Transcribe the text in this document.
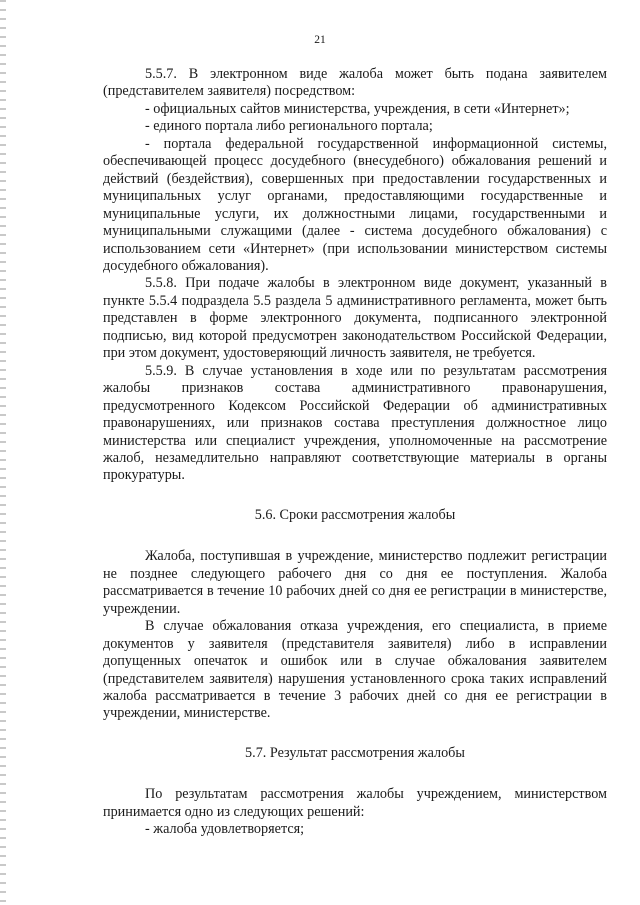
21

5.5.7. В электронном виде жалоба может быть подана заявителем (представителем заявителя) посредством:

- официальных сайтов министерства, учреждения, в сети «Интернет»;

- единого портала либо регионального портала;

- портала федеральной государственной информационной системы, обеспечивающей процесс досудебного (внесудебного) обжалования решений и действий (бездействия), совершенных при предоставлении государственных и муниципальных услуг органами, предоставляющими государственные и муниципальные услуги, их должностными лицами, государственными и муниципальными служащими (далее - система досудебного обжалования) с использованием сети «Интернет» (при использовании министерством системы досудебного обжалования).

5.5.8. При подаче жалобы в электронном виде документ, указанный в пункте 5.5.4 подраздела 5.5 раздела 5 административного регламента, может быть представлен в форме электронного документа, подписанного электронной подписью, вид которой предусмотрен законодательством Российской Федерации, при этом документ, удостоверяющий личность заявителя, не требуется.

5.5.9. В случае установления в ходе или по результатам рассмотрения жалобы признаков состава административного правонарушения, предусмотренного Кодексом Российской Федерации об административных правонарушениях, или признаков состава преступления должностное лицо министерства или специалист учреждения, уполномоченные на рассмотрение жалоб, незамедлительно направляют соответствующие материалы в органы прокуратуры.

5.6. Сроки рассмотрения жалобы

Жалоба, поступившая в учреждение, министерство подлежит регистрации не позднее следующего рабочего дня со дня ее поступления. Жалоба рассматривается в течение 10 рабочих дней со дня ее регистрации в министерстве, учреждении.

В случае обжалования отказа учреждения, его специалиста, в приеме документов у заявителя (представителя заявителя) либо в исправлении допущенных опечаток и ошибок или в случае обжалования заявителем (представителем заявителя) нарушения установленного срока таких исправлений жалоба рассматривается в течение 3 рабочих дней со дня ее регистрации в учреждении, министерстве.

5.7. Результат рассмотрения жалобы

По результатам рассмотрения жалобы учреждением, министерством принимается одно из следующих решений:

- жалоба удовлетворяется;
